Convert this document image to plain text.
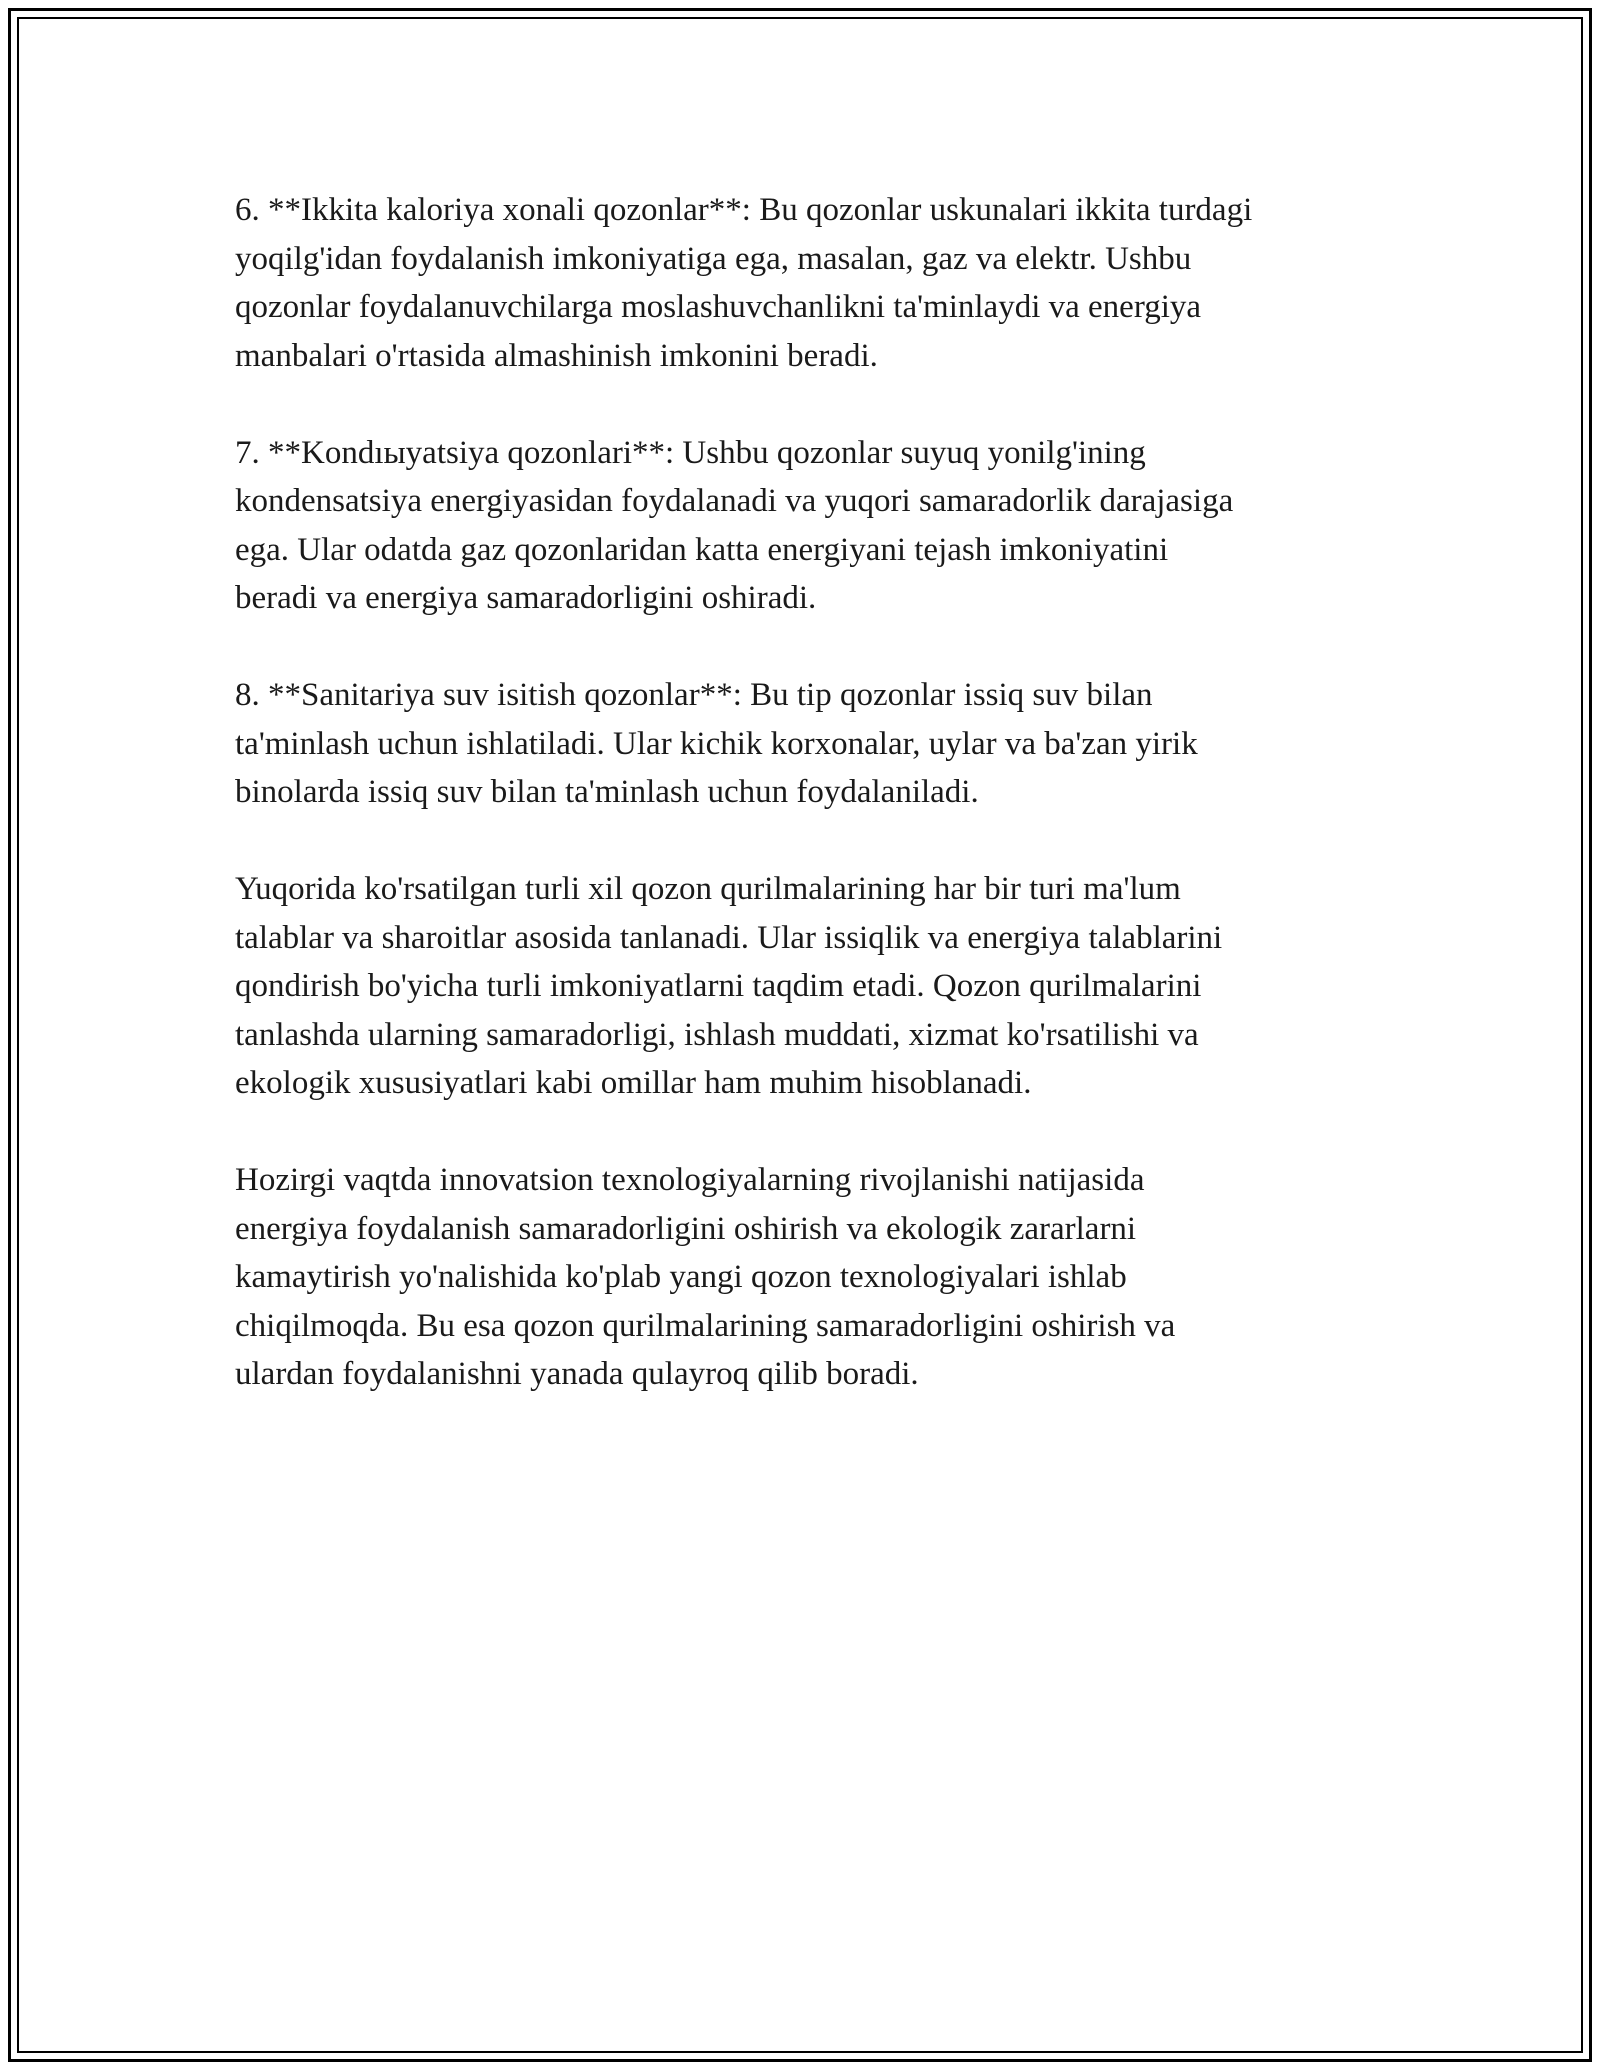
6. **Ikkita kaloriya xonali qozonlar**: Bu qozonlar uskunalari ikkita turdagi
yoqilg'idan foydalanish imkoniyatiga ega, masalan, gaz va elektr. Ushbu
qozonlar foydalanuvchilarga moslashuvchanlikni ta'minlaydi va energiya
manbalari o'rtasida almashinish imkonini beradi.

7. **Kondıыyatsiya qozonlari**: Ushbu qozonlar suyuq yonilg'ining
kondensatsiya energiyasidan foydalanadi va yuqori samaradorlik darajasiga
ega. Ular odatda gaz qozonlaridan katta energiyani tejash imkoniyatini
beradi va energiya samaradorligini oshiradi.

8. **Sanitariya suv isitish qozonlar**: Bu tip qozonlar issiq suv bilan
ta'minlash uchun ishlatiladi. Ular kichik korxonalar, uylar va ba'zan yirik
binolarda issiq suv bilan ta'minlash uchun foydalaniladi.

Yuqorida ko'rsatilgan turli xil qozon qurilmalarining har bir turi ma'lum
talablar va sharoitlar asosida tanlanadi. Ular issiqlik va energiya talablarini
qondirish bo'yicha turli imkoniyatlarni taqdim etadi. Qozon qurilmalarini
tanlashda ularning samaradorligi, ishlash muddati, xizmat ko'rsatilishi va
ekologik xususiyatlari kabi omillar ham muhim hisoblanadi.

Hozirgi vaqtda innovatsion texnologiyalarning rivojlanishi natijasida
energiya foydalanish samaradorligini oshirish va ekologik zararlarni
kamaytirish yo'nalishida ko'plab yangi qozon texnologiyalari ishlab
chiqilmoqda. Bu esa qozon qurilmalarining samaradorligini oshirish va
ulardan foydalanishni yanada qulayroq qilib boradi.
